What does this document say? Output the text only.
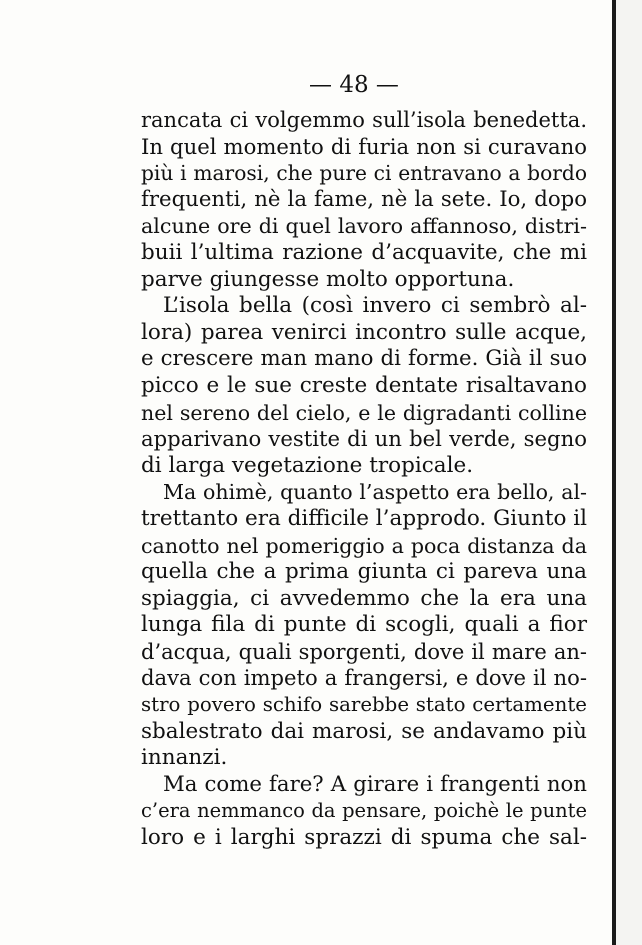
— 48 —
rancata ci volgemmo sull’isola benedetta.
In quel momento di furia non si curavano
più i marosi, che pure ci entravano a bordo
frequenti, nè la fame, nè la sete. Io, dopo
alcune ore di quel lavoro affannoso, distri-
buii l’ultima razione d’acquavite, che mi
parve giungesse molto opportuna.
L’isola bella (così invero ci sembrò al-
lora) parea venirci incontro sulle acque,
e crescere man mano di forme. Già il suo
picco e le sue creste dentate risaltavano
nel sereno del cielo, e le digradanti colline
apparivano vestite di un bel verde, segno
di larga vegetazione tropicale.
Ma ohimè, quanto l’aspetto era bello, al-
trettanto era difficile l’approdo. Giunto il
canotto nel pomeriggio a poca distanza da
quella che a prima giunta ci pareva una
spiaggia, ci avvedemmo che la era una
lunga fila di punte di scogli, quali a fior
d’acqua, quali sporgenti, dove il mare an-
dava con impeto a frangersi, e dove il no-
stro povero schifo sarebbe stato certamente
sbalestrato dai marosi, se andavamo più
innanzi.
Ma come fare? A girare i frangenti non
c’era nemmanco da pensare, poichè le punte
loro e i larghi sprazzi di spuma che sal-
